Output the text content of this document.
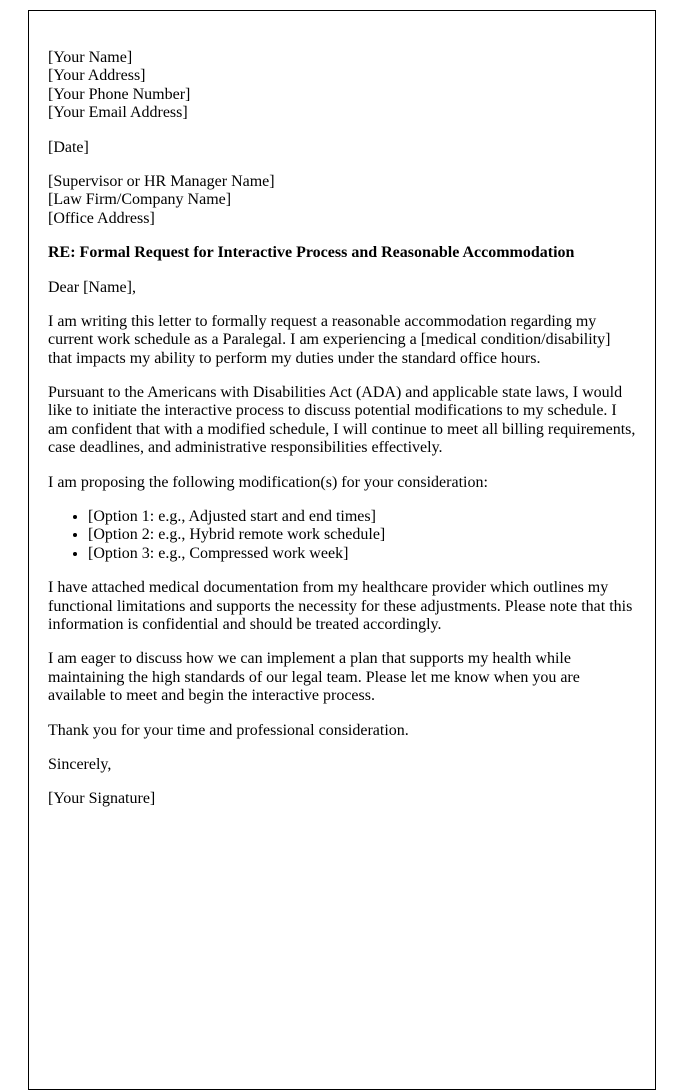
[Your Name]
[Your Address]
[Your Phone Number]
[Your Email Address]
[Date]
[Supervisor or HR Manager Name]
[Law Firm/Company Name]
[Office Address]

RE: Formal Request for Interactive Process and Reasonable Accommodation

Dear [Name],

I am writing this letter to formally request a reasonable accommodation regarding my current work schedule as a Paralegal. I am experiencing a [medical condition/disability] that impacts my ability to perform my duties under the standard office hours.

Pursuant to the Americans with Disabilities Act (ADA) and applicable state laws, I would like to initiate the interactive process to discuss potential modifications to my schedule. I am confident that with a modified schedule, I will continue to meet all billing requirements, case deadlines, and administrative responsibilities effectively.

I am proposing the following modification(s) for your consideration:

• [Option 1: e.g., Adjusted start and end times]
• [Option 2: e.g., Hybrid remote work schedule]
• [Option 3: e.g., Compressed work week]

I have attached medical documentation from my healthcare provider which outlines my functional limitations and supports the necessity for these adjustments. Please note that this information is confidential and should be treated accordingly.

I am eager to discuss how we can implement a plan that supports my health while maintaining the high standards of our legal team. Please let me know when you are available to meet and begin the interactive process.

Thank you for your time and professional consideration.

Sincerely,

[Your Signature]
